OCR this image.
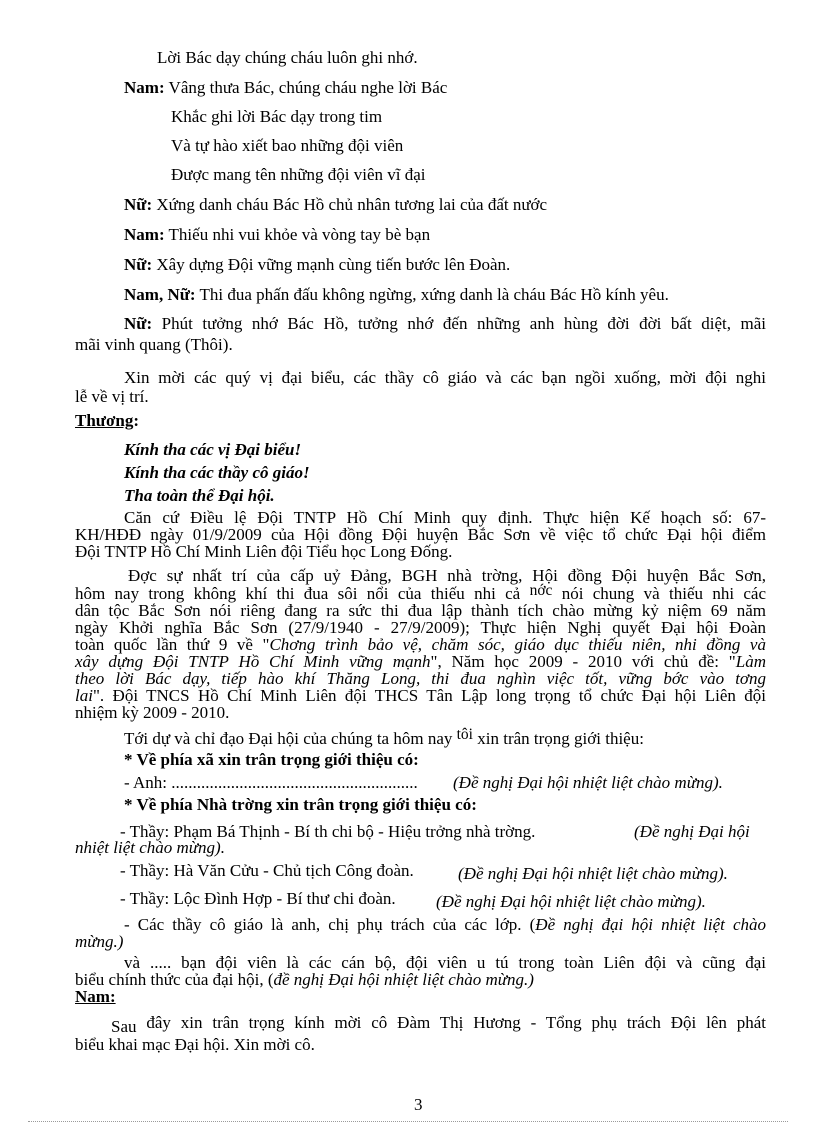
Lời Bác dạy chúng cháu luôn ghi nhớ.
Nam: Vâng thưa Bác, chúng cháu nghe lời Bác
Khắc ghi lời Bác dạy trong tim
Và tự hào xiết bao những đội viên
Được mang tên những đội viên vĩ đại
Nữ: Xứng danh cháu Bác Hồ chủ nhân tương lai của đất nước
Nam: Thiếu nhi vui khỏe và vòng tay bè bạn
Nữ: Xây dựng Đội vững mạnh cùng tiến bước lên Đoàn.
Nam, Nữ: Thi đua phấn đấu không ngừng, xứng danh là cháu Bác Hồ kính yêu.
Nữ: Phút tưởng nhớ Bác Hồ, tưởng nhớ đến những anh hùng đời đời bất diệt, mãi
mãi vinh quang (Thôi).
Xin mời các quý vị đại biểu, các thầy cô giáo và các bạn ngồi xuống, mời đội nghi
lễ về vị trí.
Thương:
Kính tha các vị Đại biểu!
Kính tha các thầy cô giáo!
Tha toàn thể Đại hội.
Căn cứ Điều lệ Đội TNTP Hồ Chí Minh quy định. Thực hiện Kế hoạch số: 67-
KH/HĐĐ ngày 01/9/2009 của Hội đồng Đội huyện Bắc Sơn về việc tổ chức Đại hội điểm
Đội TNTP Hồ Chí Minh Liên đội Tiểu học Long Đống.
Đợc sự nhất trí của cấp uỷ Đảng, BGH nhà trờng, Hội đồng Đội huyện Bắc Sơn,
hôm nay trong không khí thi đua sôi nổi của thiếu nhi cả nớc nói chung và thiếu nhi các
dân tộc Bắc Sơn nói riêng đang ra sức thi đua lập thành tích chào mừng kỷ niệm 69 năm
ngày Khởi nghĩa Bắc Sơn (27/9/1940 - 27/9/2009); Thực hiện Nghị quyết Đại hội Đoàn
toàn quốc lần thứ 9 về "Chơng trình bảo vệ, chăm sóc, giáo dục thiếu niên, nhi đồng và
xây dựng Đội TNTP Hồ Chí Minh vững mạnh", Năm học 2009 - 2010 với chủ đề: "Làm
theo lời Bác dạy, tiếp hào khí Thăng Long, thi đua nghìn việc tốt, vững bớc vào tơng
lai". Đội TNCS Hồ Chí Minh Liên đội THCS Tân Lập long trọng tổ chức Đại hội Liên đội
nhiệm kỳ 2009 - 2010.
Tới dự và chỉ đạo Đại hội của chúng ta hôm nay tôi xin trân trọng giới thiệu:
* Về phía xã xin trân trọng giới thiệu có:
- Anh: .......................................................... (Đề nghị Đại hội nhiệt liệt chào mừng).
* Về phía Nhà trờng xin trân trọng giới thiệu có:
- Thầy: Phạm Bá Thịnh - Bí th chi bộ - Hiệu trởng nhà trờng.	(Đề nghị Đại hội
nhiệt liệt chào mừng).
- Thầy: Hà Văn Cửu - Chủ tịch Công đoàn.	(Đề nghị Đại hội nhiệt liệt chào mừng).
- Thầy: Lộc Đình Hợp - Bí thư chi đoàn. (Đề nghị Đại hội nhiệt liệt chào mừng).
- Các thầy cô giáo là anh, chị phụ trách của các lớp. (Đề nghị đại hội nhiệt liệt chào
mừng.)
và ..... bạn đội viên là các cán bộ, đội viên u tú trong toàn Liên đội và cũng đại
biểu chính thức của đại hội, (đề nghị Đại hội nhiệt liệt chào mừng.)
Nam:
Sau đây xin trân trọng kính mời cô Đàm Thị Hương - Tổng phụ trách Đội lên phát
biểu khai mạc Đại hội. Xin mời cô.
3
